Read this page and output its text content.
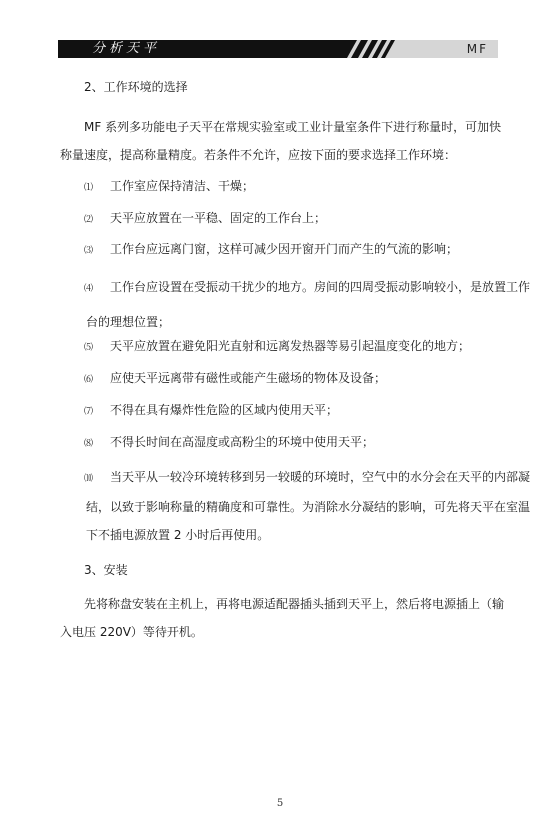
分析天平	MF
2、工作环境的选择
MF 系列多功能电子天平在常规实验室或工业计量室条件下进行称量时，可加快称量速度，提高称量精度。若条件不允许，应按下面的要求选择工作环境：
⑴ 工作室应保持清洁、干燥；
⑵ 天平应放置在一平稳、固定的工作台上；
⑶ 工作台应远离门窗，这样可减少因开窗开门而产生的气流的影响；
⑷ 工作台应设置在受振动干扰少的地方。房间的四周受振动影响较小，是放置工作台的理想位置；
⑸ 天平应放置在避免阳光直射和远离发热器等易引起温度变化的地方；
⑹ 应使天平远离带有磁性或能产生磁场的物体及设备；
⑺ 不得在具有爆炸性危险的区域内使用天平；
⑻ 不得长时间在高湿度或高粉尘的环境中使用天平；
⑽ 当天平从一较冷环境转移到另一较暖的环境时，空气中的水分会在天平的内部凝结，以致于影响称量的精确度和可靠性。为消除水分凝结的影响，可先将天平在室温下不插电源放置 2 小时后再使用。
3、安装
先将称盘安装在主机上，再将电源适配器插头插到天平上，然后将电源插上（输入电压 220V）等待开机。
5
